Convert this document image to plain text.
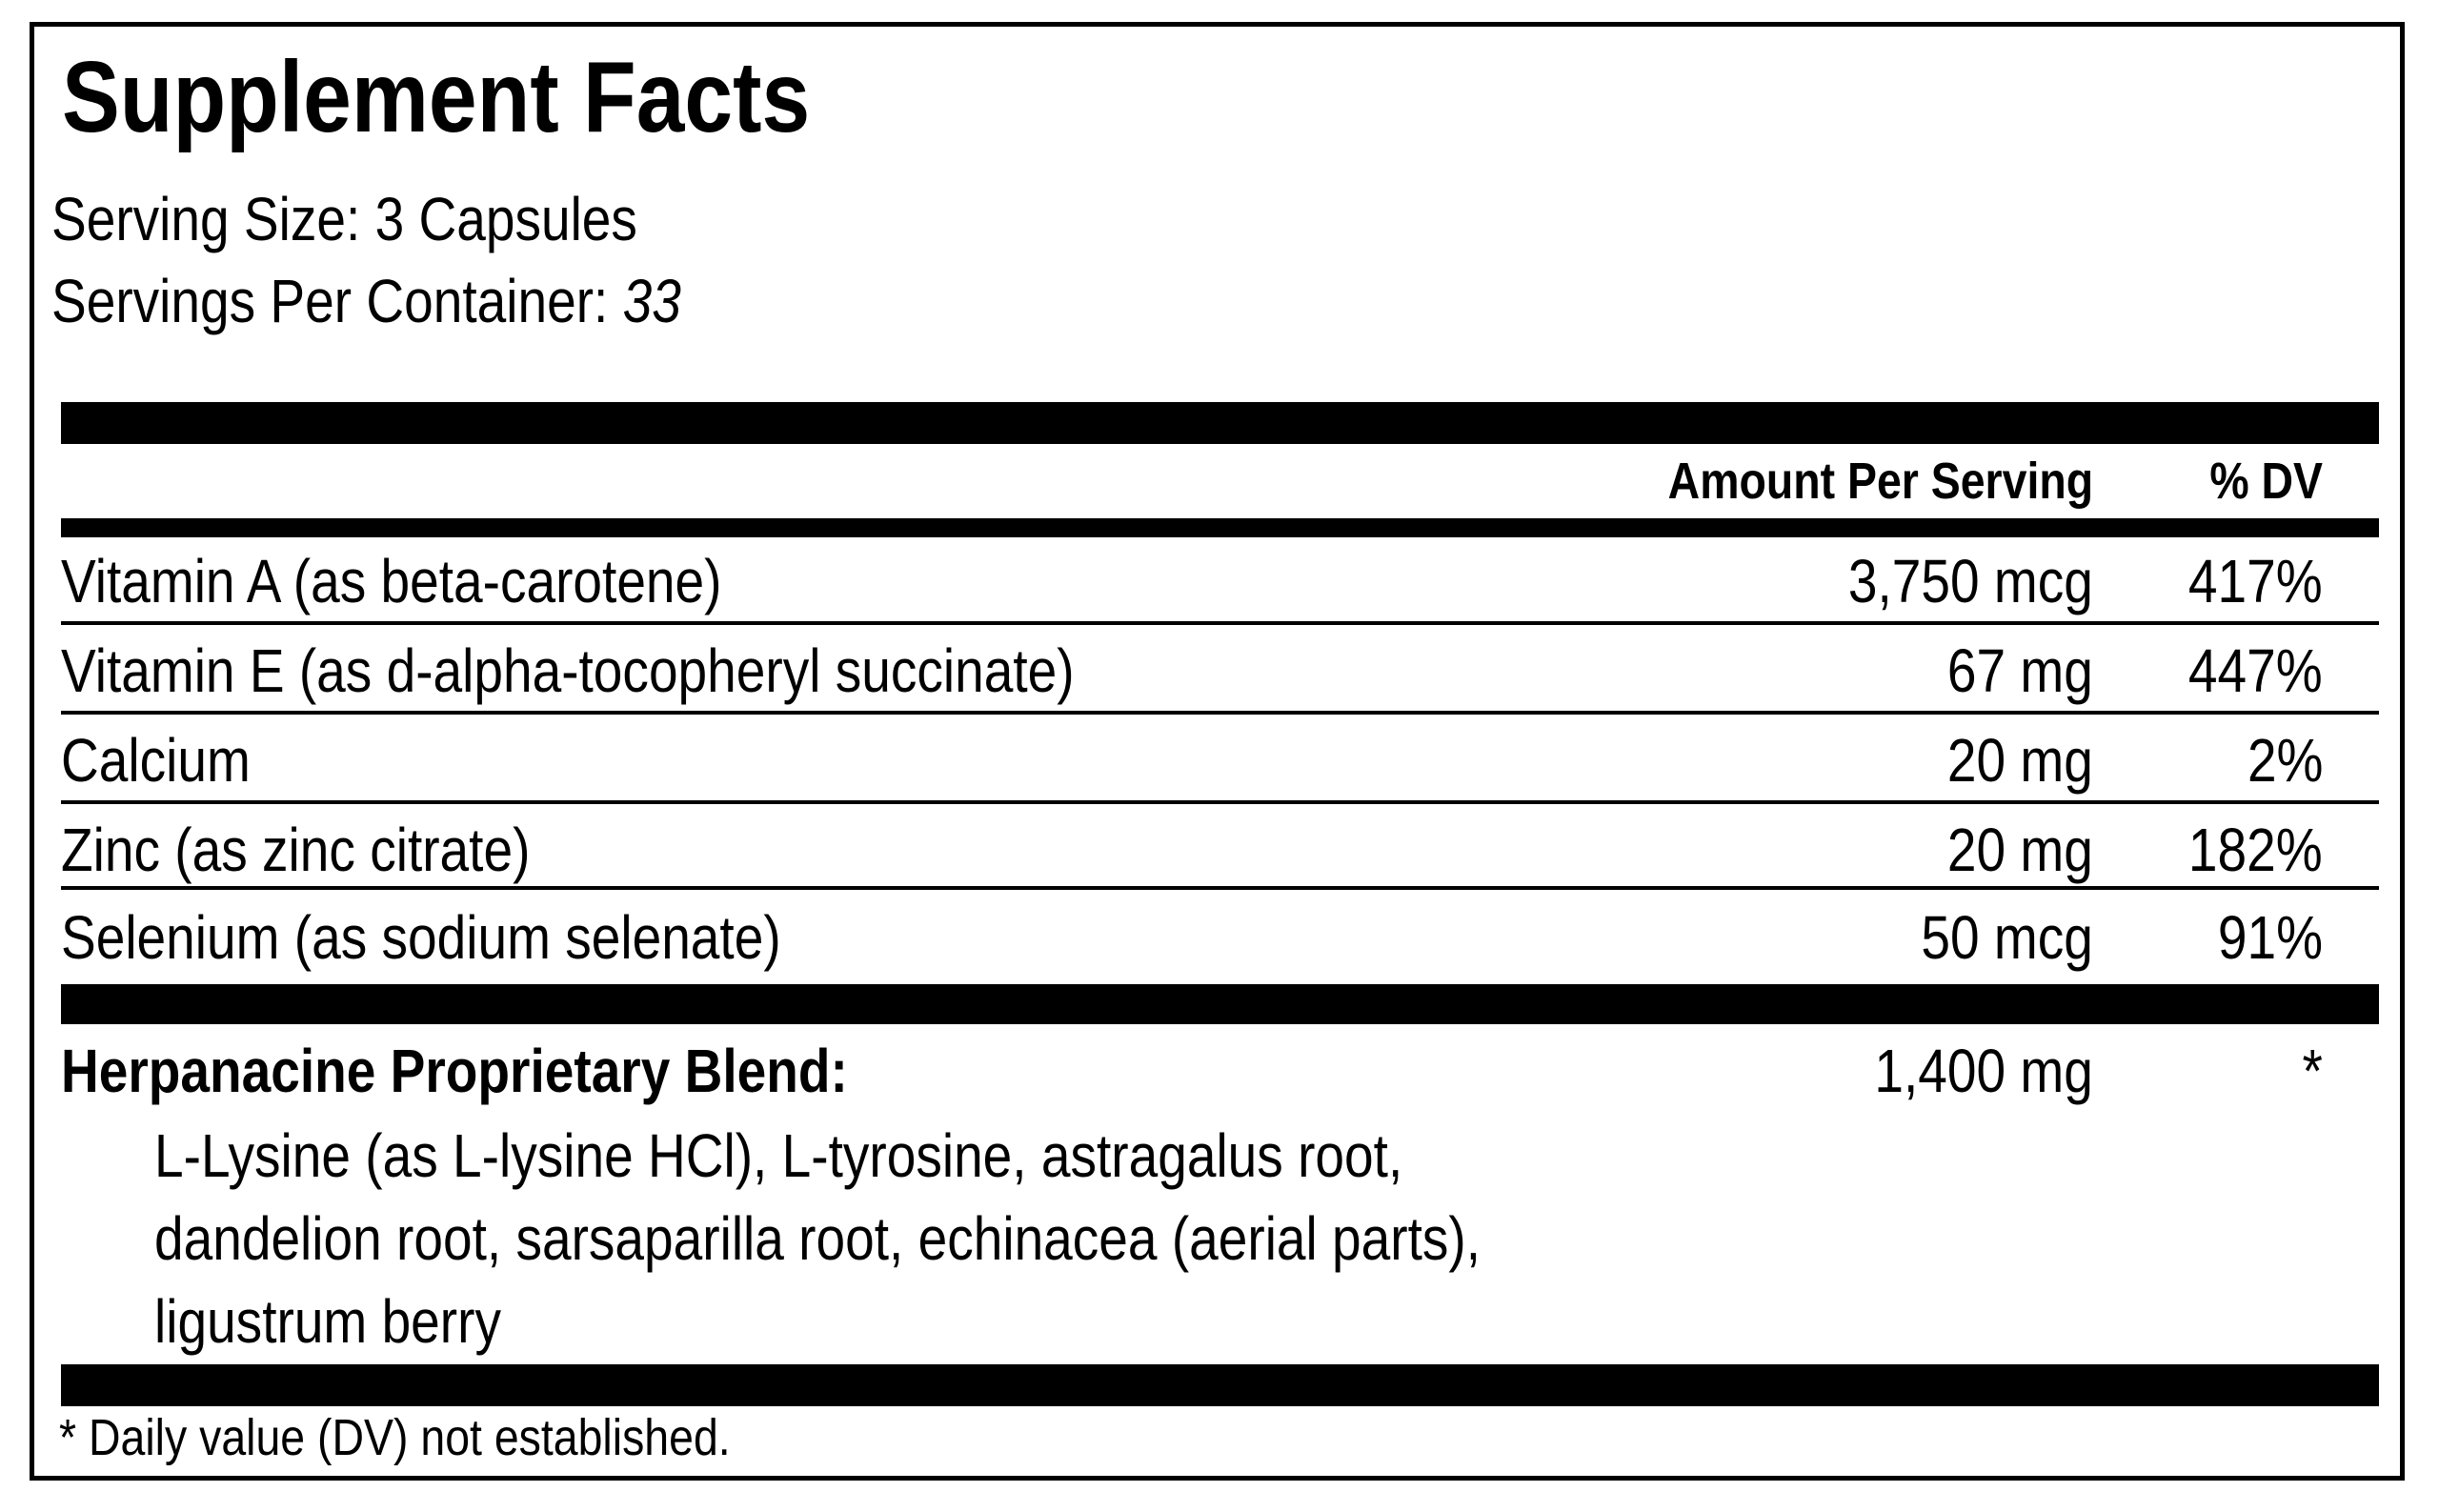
Supplement Facts
Serving Size: 3 Capsules
Servings Per Container: 33
Amount Per Serving % DV
Vitamin A (as beta-carotene)	3,750 mcg 417%
Vitamin E (as d-alpha-tocopheryl succinate)	67 mg 447%
Calcium	20 mg	2%
Zinc (as zinc citrate)	20 mg 182%
Selenium (as sodium selenate)	50 mcg 91%
Herpanacine Proprietary Blend:	1,400 mg	*
L-Lysine (as L-lysine HCl), L-tyrosine, astragalus root,
dandelion root, sarsaparilla root, echinacea (aerial parts),
ligustrum berry
* Daily value (DV) not established.
